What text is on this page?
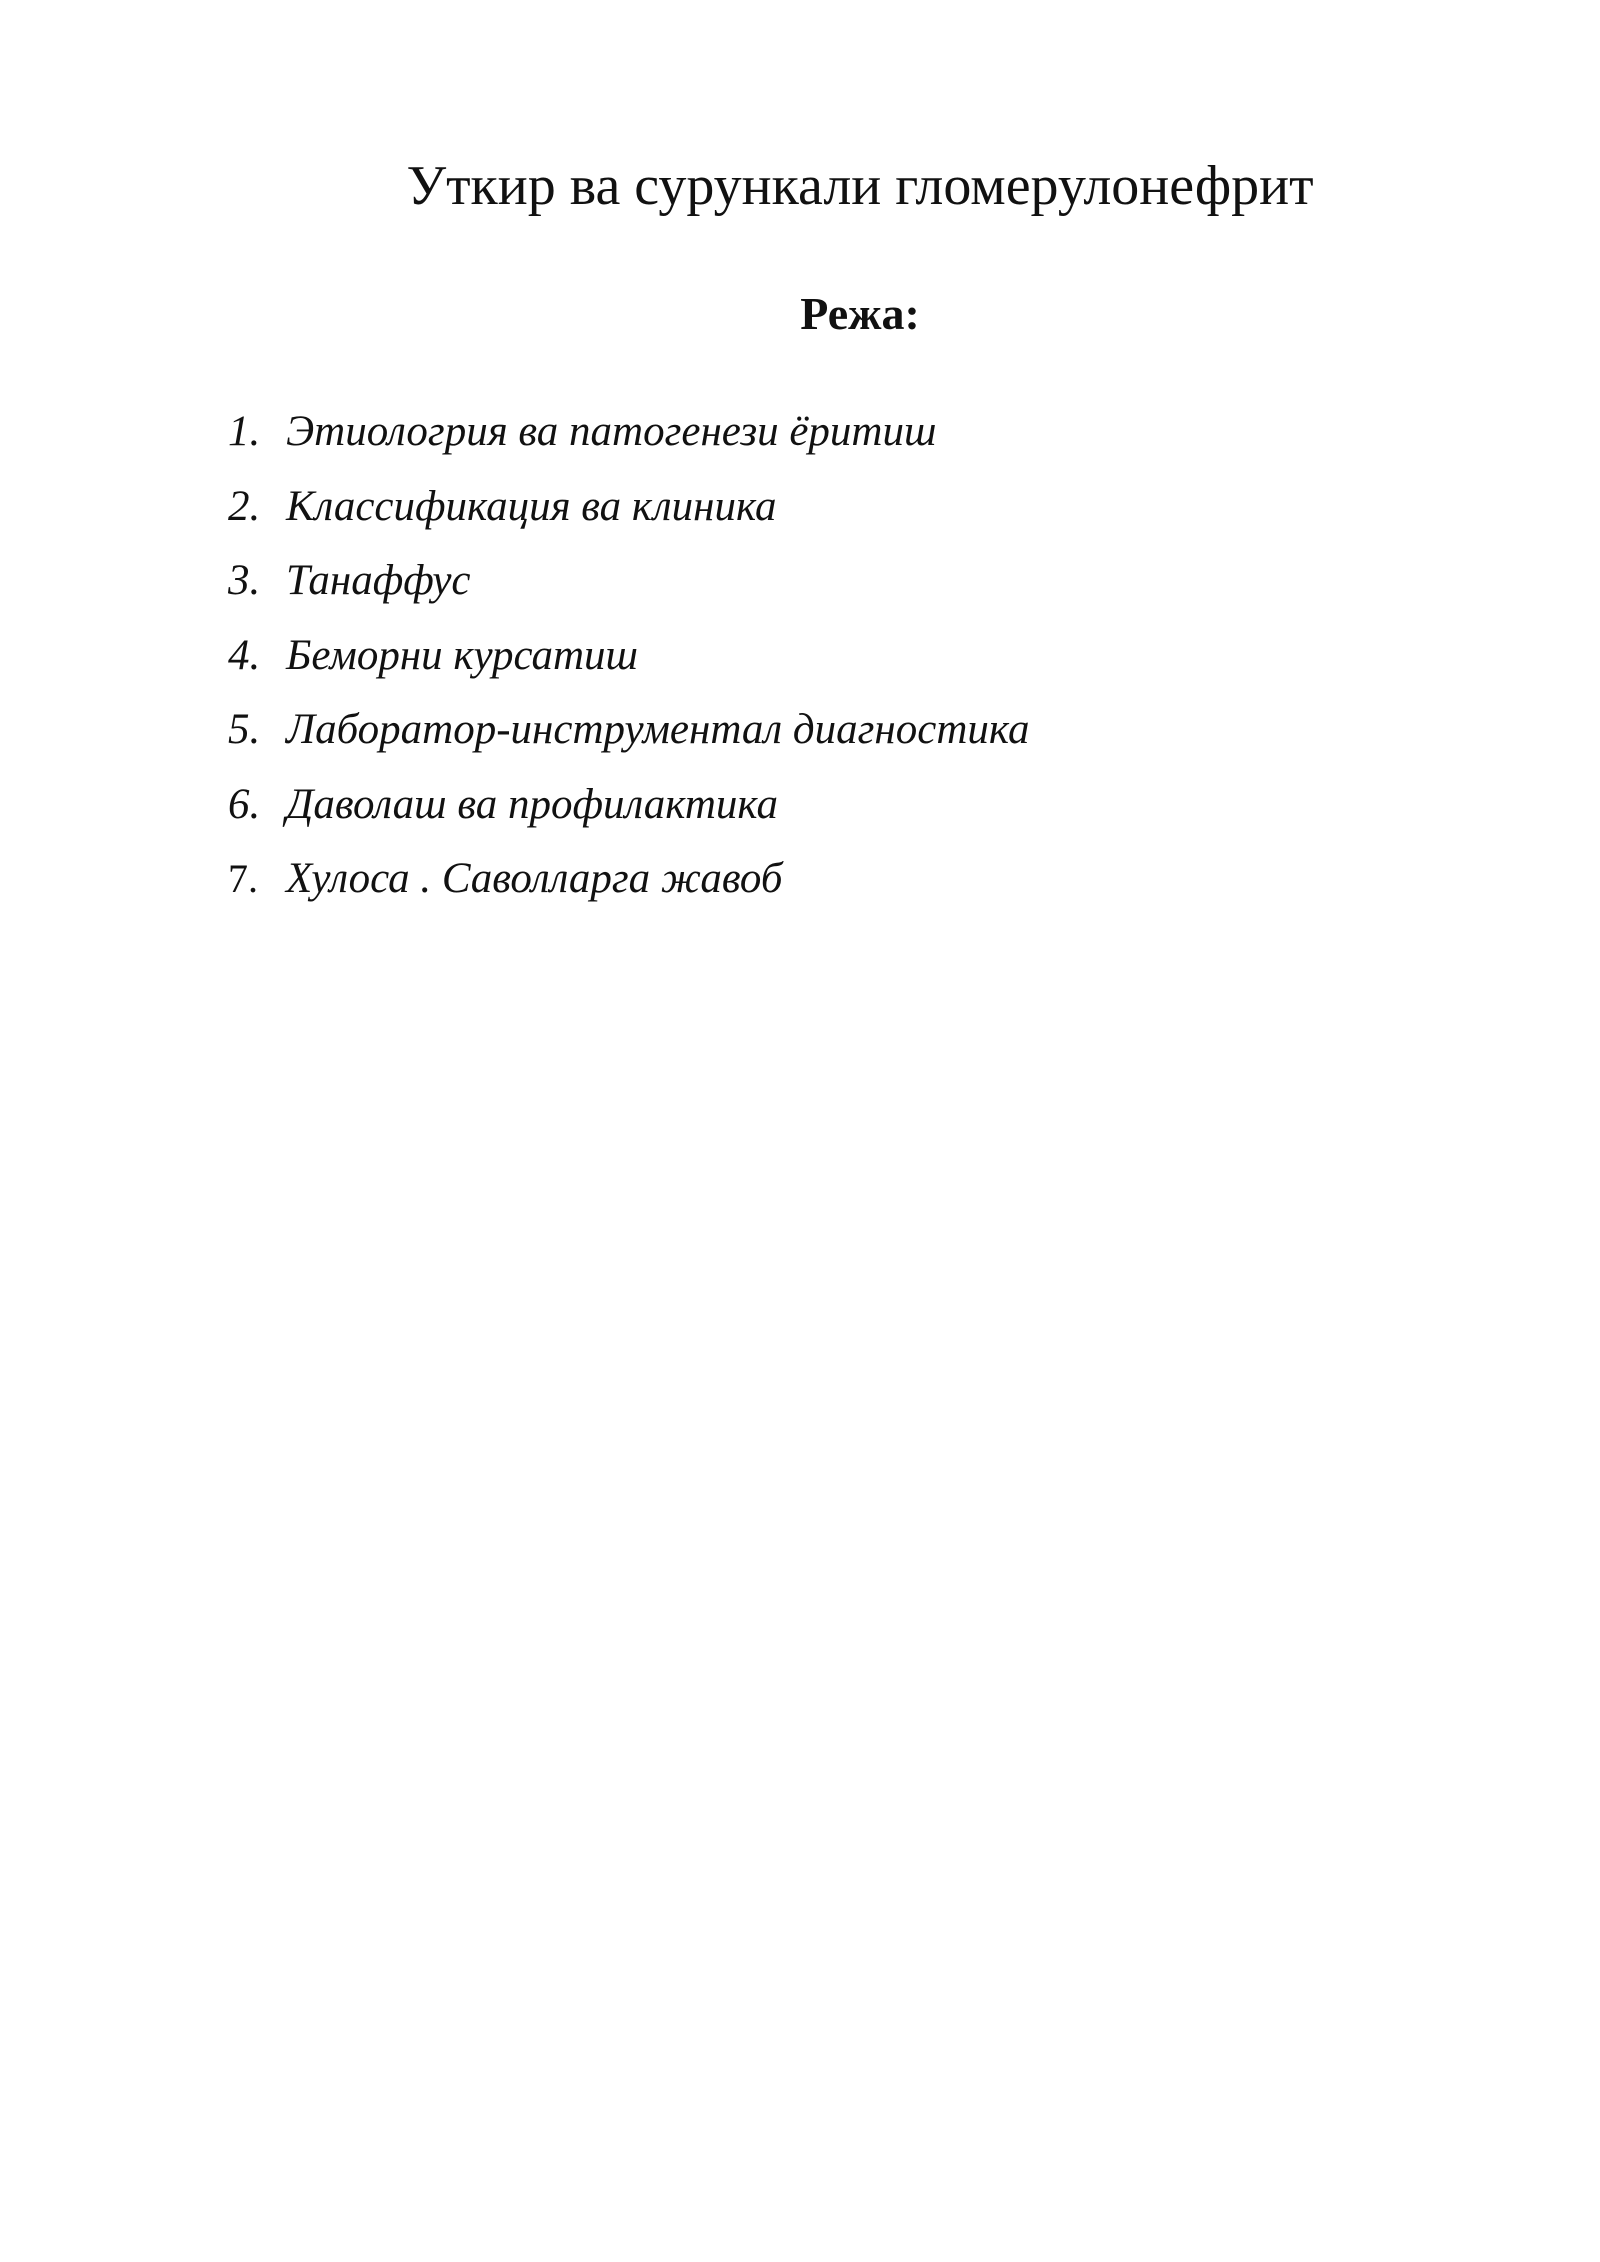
Уткир ва сурункали гломерулонефрит
Режа:
1. Этиологрия ва патогенези ёритиш
2. Классификация ва клиника
3. Танаффус
4. Беморни курсатиш
5. Лаборатор-инструментал диагностика
6. Даволаш ва профилактика
7. Хулоса . Саволларга жавоб
